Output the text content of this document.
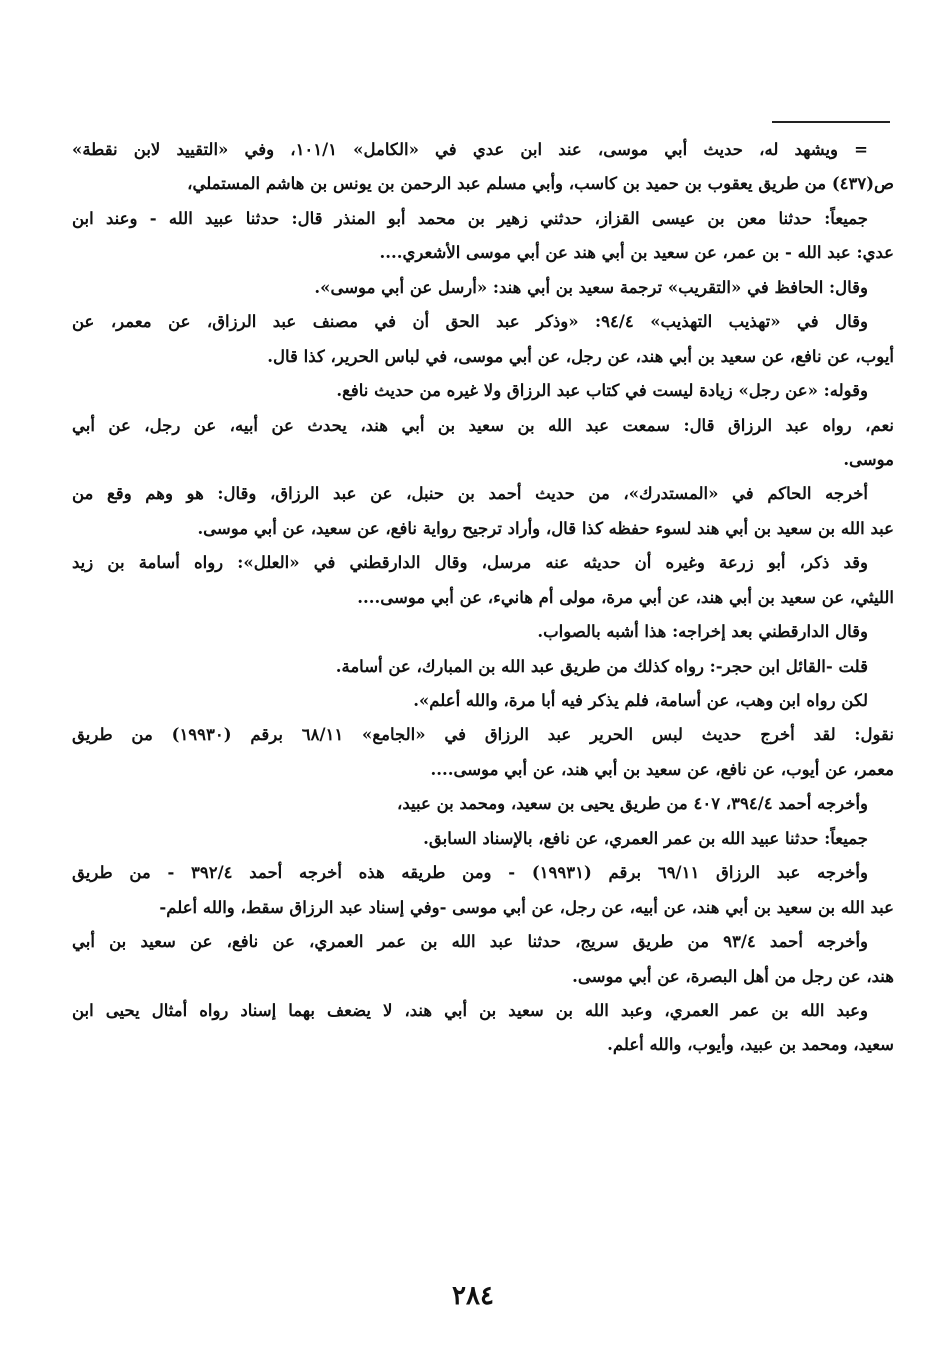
= ويشهد له، حديث أبي موسى، عند ابن عدي في «الكامل» ١٠١/١، وفي «التقييد لابن نقطة»
ص(٤٣٧) من طريق يعقوب بن حميد بن كاسب، وأبي مسلم عبد الرحمن بن يونس بن هاشم المستملي،
جميعاً: حدثنا معن بن عيسى القزاز، حدثني زهير بن محمد أبو المنذر قال: حدثنا عبيد الله - وعند ابن
عدي: عبد الله - بن عمر، عن سعيد بن أبي هند عن أبي موسى الأشعري....
وقال: الحافظ في «التقريب» ترجمة سعيد بن أبي هند: «أرسل عن أبي موسى».
وقال في «تهذيب التهذيب» ٩٤/٤: «وذكر عبد الحق أن في مصنف عبد الرزاق، عن معمر، عن
أيوب، عن نافع، عن سعيد بن أبي هند، عن رجل، عن أبي موسى، في لباس الحرير، كذا قال.
وقوله: «عن رجل» زيادة ليست في كتاب عبد الرزاق ولا غيره من حديث نافع.
نعم، رواه عبد الرزاق قال: سمعت عبد الله بن سعيد بن أبي هند، يحدث عن أبيه، عن رجل، عن أبي
موسى.
أخرجه الحاكم في «المستدرك»، من حديث أحمد بن حنبل، عن عبد الرزاق، وقال: هو وهم وقع من
عبد الله بن سعيد بن أبي هند لسوء حفظه كذا قال، وأراد ترجيح رواية نافع، عن سعيد، عن أبي موسى.
وقد ذكر، أبو زرعة وغيره أن حديثه عنه مرسل، وقال الدارقطني في «العلل»: رواه أسامة بن زيد
الليثي، عن سعيد بن أبي هند، عن أبي مرة، مولى أم هانيء، عن أبي موسى....
وقال الدارقطني بعد إخراجه: هذا أشبه بالصواب.
قلت -القائل ابن حجر-: رواه كذلك من طريق عبد الله بن المبارك، عن أسامة.
لكن رواه ابن وهب، عن أسامة، فلم يذكر فيه أبا مرة، والله أعلم».
نقول: لقد أخرج حديث لبس الحرير عبد الرزاق في «الجامع» ٦٨/١١ برقم (١٩٩٣٠) من طريق
معمر، عن أيوب، عن نافع، عن سعيد بن أبي هند، عن أبي موسى....
وأخرجه أحمد ٣٩٤/٤، ٤٠٧ من طريق يحيى بن سعيد، ومحمد بن عبيد،
جميعاً: حدثنا عبيد الله بن عمر العمري، عن نافع، بالإسناد السابق.
وأخرجه عبد الرزاق ٦٩/١١ برقم (١٩٩٣١) - ومن طريقه هذه أخرجه أحمد ٣٩٢/٤ - من طريق
عبد الله بن سعيد بن أبي هند، عن أبيه، عن رجل، عن أبي موسى -وفي إسناد عبد الرزاق سقط، والله أعلم-
وأخرجه أحمد ٩٣/٤ من طريق سريج، حدثنا عبد الله بن عمر العمري، عن نافع، عن سعيد بن أبي
هند، عن رجل من أهل البصرة، عن أبي موسى.
وعبد الله بن عمر العمري، وعبد الله بن سعيد بن أبي هند، لا يضعف بهما إسناد رواه أمثال يحيى ابن
سعيد، ومحمد بن عبيد، وأيوب، والله أعلم.
٢٨٤
